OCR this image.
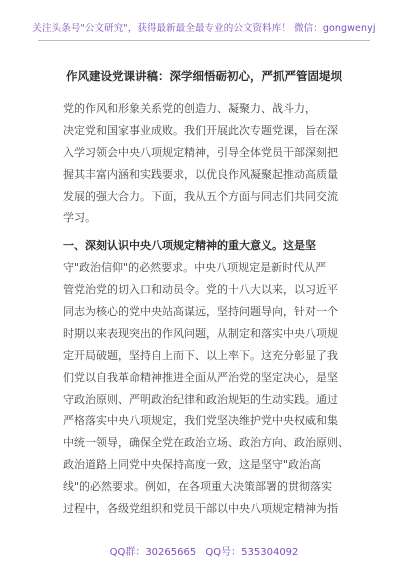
关注头条号"公文研究"，获得最新最全最专业的公文资料库！ 微信：gongwenyj
作风建设党课讲稿：深学细悟砺初心，严抓严管固堤坝
党的作风和形象关系党的创造力、凝聚力、战斗力，
决定党和国家事业成败。我们开展此次专题党课，旨在深
入学习领会中央八项规定精神，引导全体党员干部深刻把
握其丰富内涵和实践要求，以优良作风凝聚起推动高质量
发展的强大合力。下面，我从五个方面与同志们共同交流
学习。
一、深刻认识中央八项规定精神的重大意义。这是坚
守"政治信仰"的必然要求。中央八项规定是新时代从严
管党治党的切入口和动员令。党的十八大以来，以习近平
同志为核心的党中央站高谋远，坚持问题导向，针对一个
时期以来表现突出的作风问题，从制定和落实中央八项规
定开局破题，坚持自上而下、以上率下。这充分彰显了我
们党以自我革命精神推进全面从严治党的坚定决心，是坚
守政治原则、严明政治纪律和政治规矩的生动实践。通过
严格落实中央八项规定，我们党坚决维护党中央权威和集
中统一领导，确保全党在政治立场、政治方向、政治原则、
政治道路上同党中央保持高度一致，这是坚守"政治高
线"的必然要求。例如，在各项重大决策部署的贯彻落实
过程中，各级党组织和党员干部以中央八项规定精神为指
QQ群：30265665 QQ号：535304092
